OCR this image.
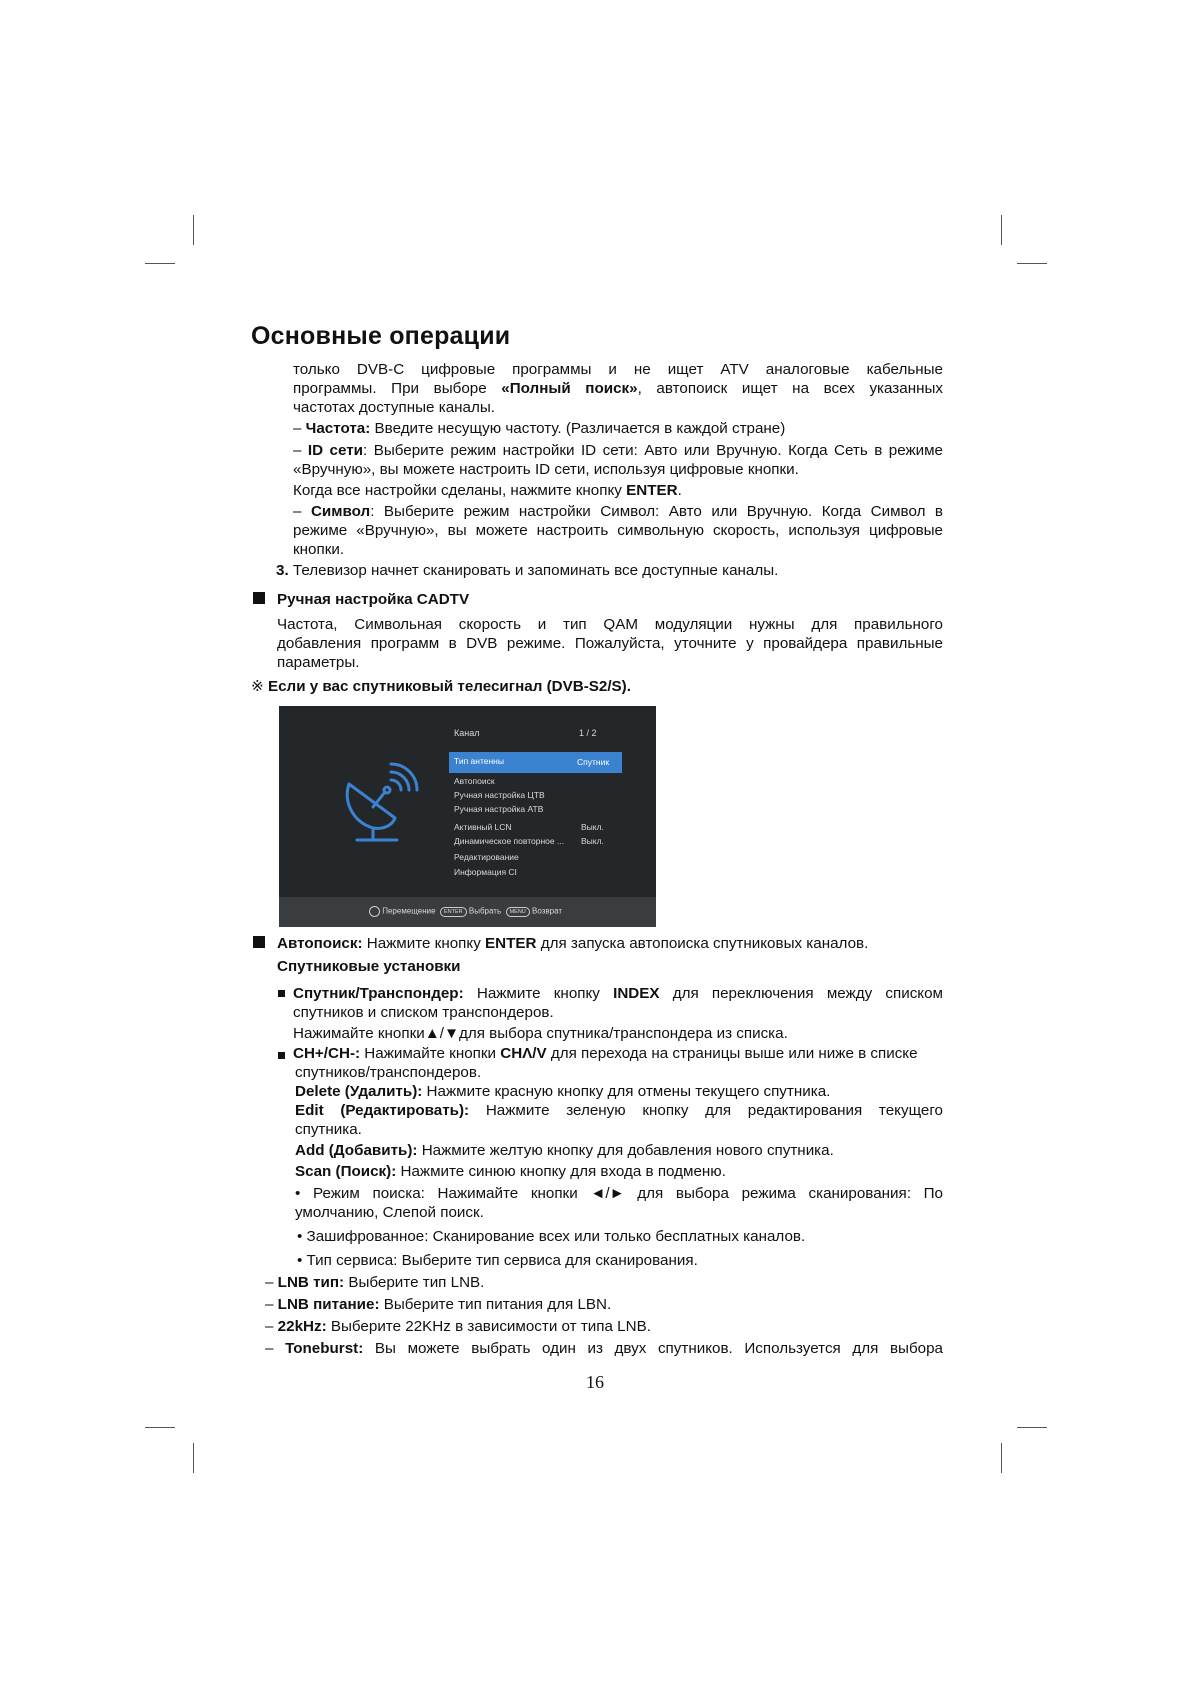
Основные операции
только DVB-C цифровые программы и не ищет ATV аналоговые кабельные
программы. При выборе «Полный поиск», автопоиск ищет на всех указанных
частотах доступные каналы.
– Частота: Введите несущую частоту. (Различается в каждой стране)
– ID сети: Выберите режим настройки ID сети: Авто или Вручную. Когда Сеть в режиме
«Вручную», вы можете настроить ID сети, используя цифровые кнопки.
Когда все настройки сделаны, нажмите кнопку ENTER.
– Символ: Выберите режим настройки Символ: Авто или Вручную. Когда Символ в
режиме «Вручную», вы можете настроить символьную скорость, используя цифровые
кнопки.
3. Телевизор начнет сканировать и запоминать все доступные каналы.
Ручная настройка CADTV
Частота, Символьная скорость и тип QAM модуляции нужны для правильного
добавления программ в DVB режиме. Пожалуйста, уточните у провайдера правильные
параметры.
※ Если у вас спутниковый телесигнал (DVB-S2/S).
Канал	1 / 2
Тип антенны	Спутник
Автопоиск
Ручная настройка ЦТВ
Ручная настройка АТВ
Активный LCN	Выкл.
Динамическое повторное ... Выкл.
Редактирование
Информация CI
Перемещение ENTER Выбрать MENU Возврат
Автопоиск: Нажмите кнопку ENTER для запуска автопоиска спутниковых каналов.
Спутниковые установки
Спутник/Транспондер: Нажмите кнопку INDEX для переключения между списком
спутников и списком транспондеров.
Нажимайте кнопки▲/▼для выбора спутника/транспондера из списка.
CH+/CH-: Нажимайте кнопки CHΛ/V для перехода на страницы выше или ниже в списке
спутников/транспондеров.
Delete (Удалить): Нажмите красную кнопку для отмены текущего спутника.
Edit (Редактировать): Нажмите зеленую кнопку для редактирования текущего
спутника.
Add (Добавить): Нажмите желтую кнопку для добавления нового спутника.
Scan (Поиск): Нажмите синюю кнопку для входа в подменю.
• Режим поиска: Нажимайте кнопки ◄/► для выбора режима сканирования: По
умолчанию, Слепой поиск.
• Зашифрованное: Сканирование всех или только бесплатных каналов.
• Тип сервиса: Выберите тип сервиса для сканирования.
– LNB тип: Выберите тип LNB.
– LNB питание: Выберите тип питания для LBN.
– 22kHz: Выберите 22KHz в зависимости от типа LNB.
– Toneburst: Вы можете выбрать один из двух спутников. Используется для выбора
16
